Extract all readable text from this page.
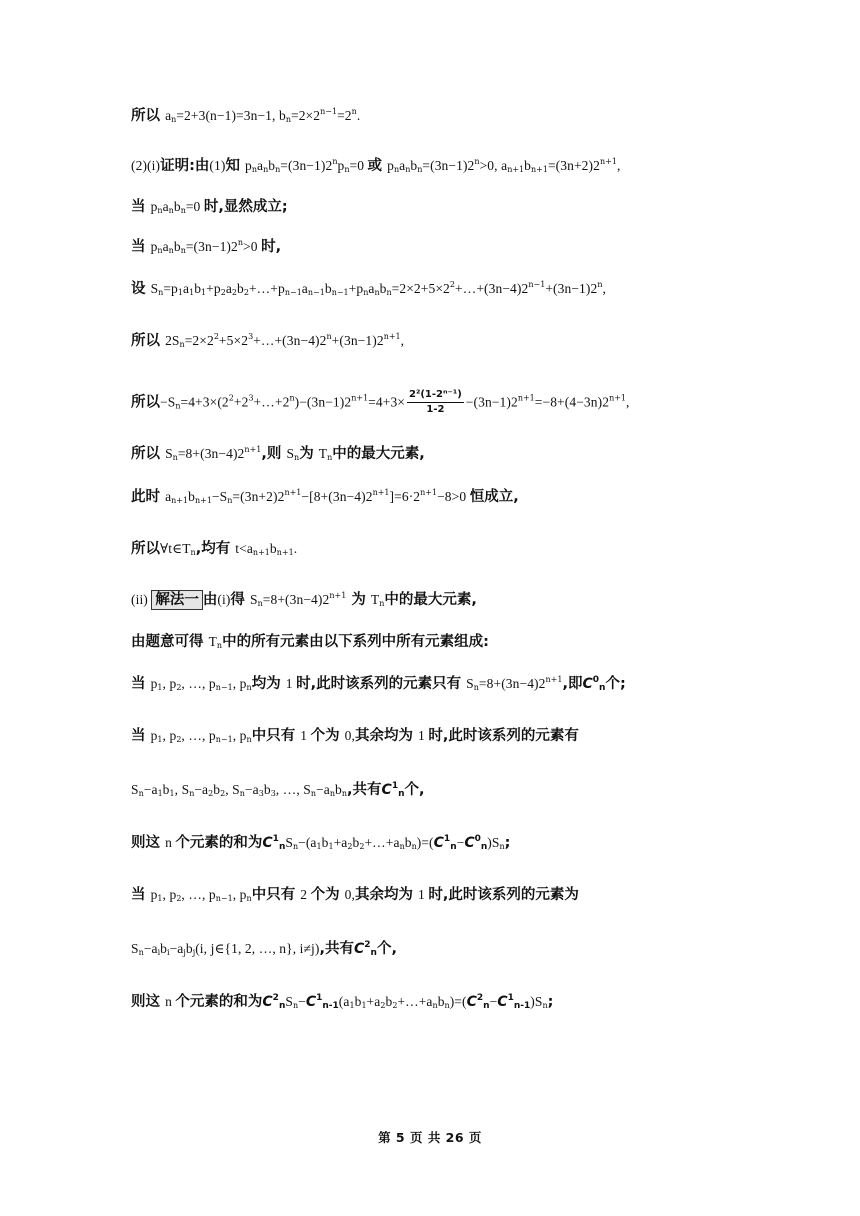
所以 $a_n=2+3(n-1)=3n-1$, $b_n=2\times 2^{n-1}=2^n$.
(2)(i)证明:由(1)知 $p_na_nb_n=(3n-1)2^np_n=0$ 或 $p_na_nb_n=(3n-1)2^n>0$, $a_{n+1}b_{n+1}=(3n+2)2^{n+1}$,
当 $p_na_nb_n=0$ 时,显然成立;
当 $p_na_nb_n=(3n-1)2^n>0$ 时,
设 $S_n=p_1a_1b_1+p_2a_2b_2+\dots+p_{n-1}a_{n-1}b_{n-1}+p_na_nb_n=2\times 2+5\times 2^2+\dots+(3n-4)2^{n-1}+(3n-1)2^n$,
所以 $2S_n=2\times 2^2+5\times 2^3+\dots+(3n-4)2^n+(3n-1)2^{n+1}$,
所以$-S_n=4+3\times(2^2+2^3+\dots+2^n)-(3n-1)2^{n+1}=4+3\times \frac{\text{2²(1-2ⁿ⁻¹)}}{1-2} -(3n-1)2^{n+1}=-8+(4-3n)2^{n+1}$,
所以 $S_n=8+(3n-4)2^{n+1}$,则 $S_n$为 $T_n$中的最大元素,
此时 $a_{n+1}b_{n+1}-S_n=(3n+2)2^{n+1}-[8+(3n-4)2^{n+1}]=6\cdot 2^{n+1}-8>0$ 恒成立,
所以$\forall t\in T_n$,均有 $t<a_{n+1}b_{n+1}$.
(ii) 解法一 由(i)得 $S_n=8+(3n-4)2^{n+1}$ 为 $T_n$中的最大元素,
由题意可得 $T_n$中的所有元素由以下系列中所有元素组成:
当 $p_1$, $p_2$, …, $p_{n-1}$, $p_n$均为 1 时,此时该系列的元素只有 $S_n=8+(3n-4)2^{n+1}$,即$C^0_n$个;
当 $p_1$, $p_2$, …, $p_{n-1}$, $p_n$中只有 1 个为 0,其余均为 1 时,此时该系列的元素有
$S_n-a_1b_1$, $S_n-a_2b_2$, $S_n-a_3b_3$, …, $S_n-a_nb_n$,共有$C^1_n$个,
则这 n 个元素的和为$C^1_nS_n-(a_1b_1+a_2b_2+\dots+a_nb_n)=(C^1_n-C^0_n)S_n$;
当 $p_1$, $p_2$, …, $p_{n-1}$, $p_n$中只有 2 个为 0,其余均为 1 时,此时该系列的元素为
$S_n-a_ib_i-a_jb_j(i$, j∈{1, 2, …, n}, i≠j),共有$C^2_n$个,
则这 n 个元素的和为$C^2_nS_n-C^1_{n-1}(a_1b_1+a_2b_2+\dots+a_nb_n)=(C^2_n-C^1_{n-1})S_n$;
第 5 页 共 26 页
